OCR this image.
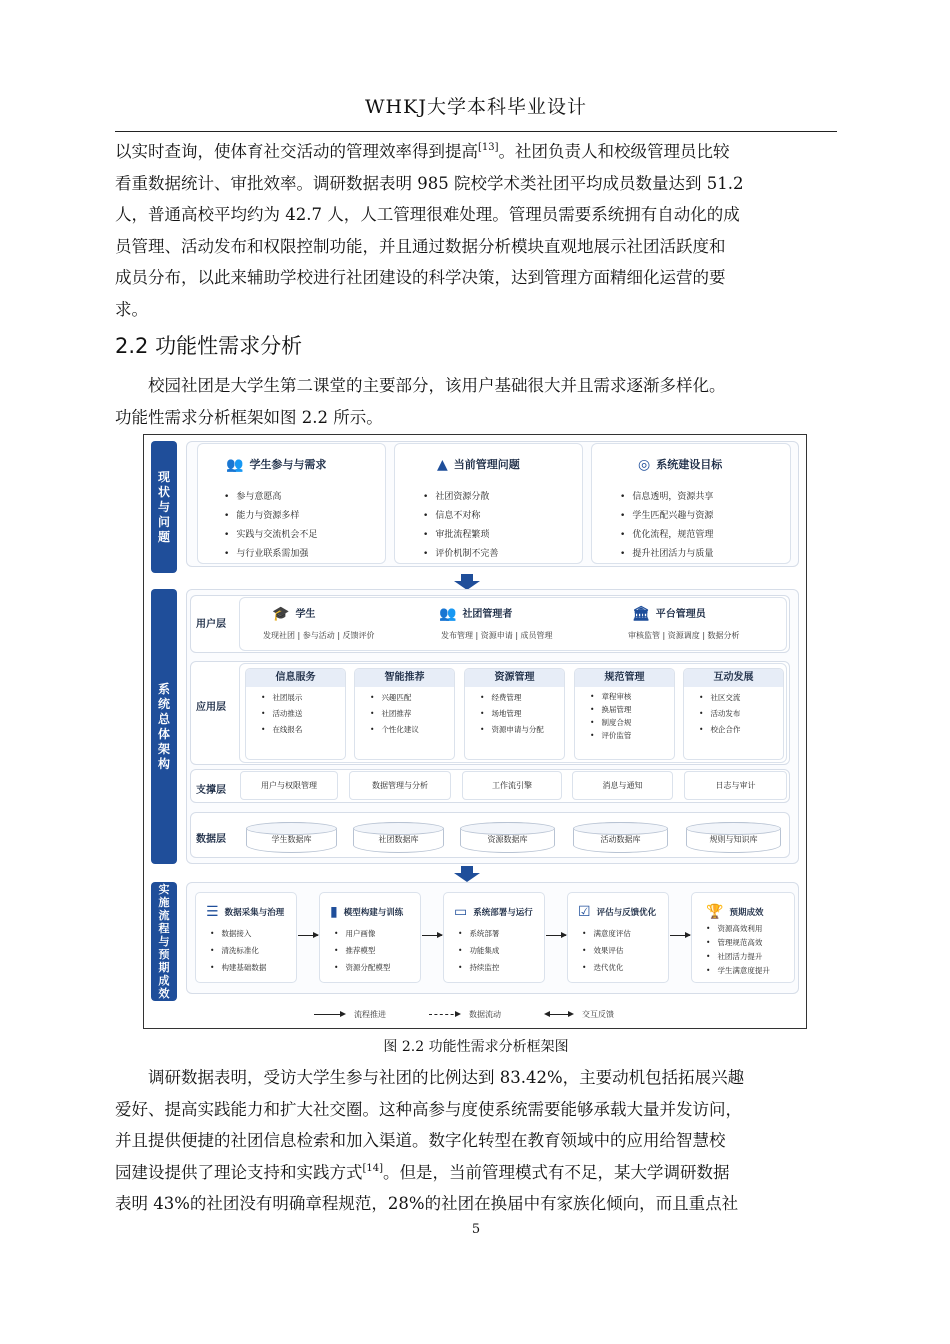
WHKJ大学本科毕业设计
以实时查询，使体育社交活动的管理效率得到提高[13]。社团负责人和校级管理员比较
看重数据统计、审批效率。调研数据表明 985 院校学术类社团平均成员数量达到 51.2
人，普通高校平均约为 42.7 人，人工管理很难处理。管理员需要系统拥有自动化的成
员管理、活动发布和权限控制功能，并且通过数据分析模块直观地展示社团活跃度和
成员分布，以此来辅助学校进行社团建设的科学决策，达到管理方面精细化运营的要
求。
2.2 功能性需求分析
校园社团是大学生第二课堂的主要部分，该用户基础很大并且需求逐渐多样化。
功能性需求分析框架如图 2.2 所示。
现状与问题
👥 学生参与与需求
• 参与意愿高
• 能力与资源多样
• 实践与交流机会不足
• 与行业联系需加强
▲ 当前管理问题
• 社团资源分散
• 信息不对称
• 审批流程繁琐
• 评价机制不完善
◎ 系统建设目标
• 信息透明，资源共享
• 学生匹配兴趣与资源
• 优化流程，规范管理
• 提升社团活力与质量
系统总体架构
用户层
🎓 学生
发现社团 | 参与活动 | 反馈评价
👥 社团管理者
发布管理 | 资源申请 | 成员管理
🏛 平台管理员
审核监管 | 资源调度 | 数据分析
应用层
信息服务
• 社团展示
• 活动推送
• 在线报名
智能推荐
• 兴趣匹配
• 社团推荐
• 个性化建议
资源管理
• 经费管理
• 场地管理
• 资源申请与分配
规范管理
• 章程审核
• 换届管理
• 制度合规
• 评价监管
互动发展
• 社区交流
• 活动发布
• 校企合作
支撑层	用户与权限管理	数据管理与分析	工作流引擎	消息与通知	日志与审计
数据层	学生数据库	社团数据库	资源数据库	活动数据库	规则与知识库
实施流程与预期成效
☰ 数据采集与治理
• 数据接入
• 清洗标准化
• 构建基础数据
▮ 模型构建与训练
• 用户画像
• 推荐模型
• 资源分配模型
▭ 系统部署与运行
• 系统部署
• 功能集成
• 持续监控
☑ 评估与反馈优化
• 满意度评估
• 效果评估
• 迭代优化
🏆 预期成效
• 资源高效利用
• 管理规范高效
• 社团活力提升
• 学生满意度提升
流程推进	数据流动	交互反馈
图 2.2 功能性需求分析框架图
调研数据表明，受访大学生参与社团的比例达到 83.42%，主要动机包括拓展兴趣
爱好、提高实践能力和扩大社交圈。这种高参与度使系统需要能够承载大量并发访问，
并且提供便捷的社团信息检索和加入渠道。数字化转型在教育领域中的应用给智慧校
园建设提供了理论支持和实践方式[14]。但是，当前管理模式有不足，某大学调研数据
表明 43%的社团没有明确章程规范，28%的社团在换届中有家族化倾向，而且重点社
5
